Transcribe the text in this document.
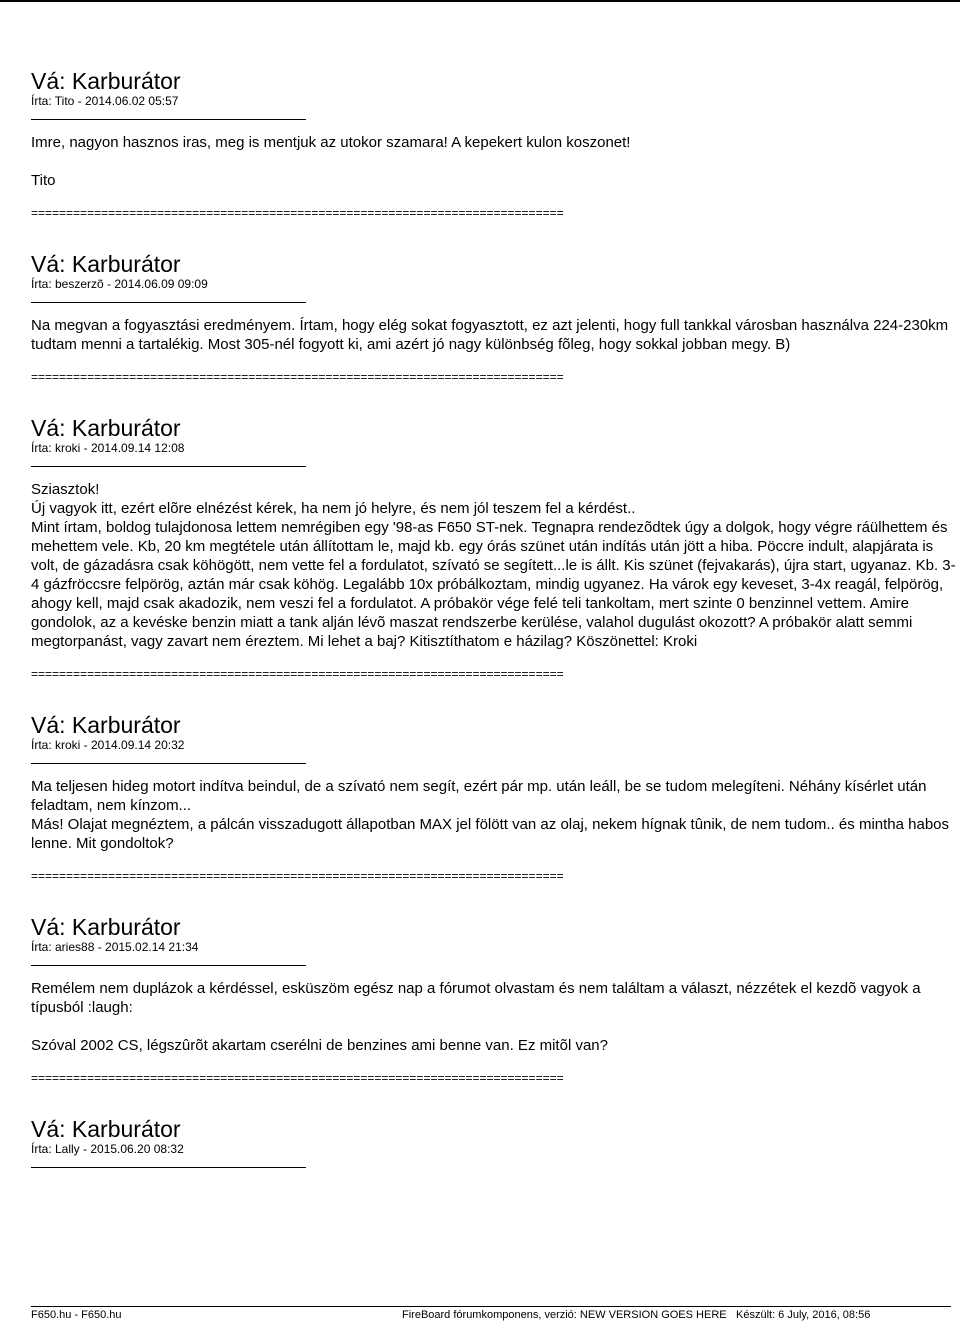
Vá: Karburátor
Írta: Tito - 2014.06.02 05:57

Imre, nagyon hasznos iras, meg is mentjuk az utokor szamara! A kepekert kulon koszonet!

Tito

============================================================================
Vá: Karburátor
Írta: beszerzõ - 2014.06.09 09:09

Na megvan a fogyasztási eredményem. Írtam, hogy elég sokat fogyasztott, ez azt jelenti, hogy full tankkal városban használva 224-230km tudtam menni a tartalékig. Most 305-nél fogyott ki, ami azért jó nagy különbség fõleg, hogy sokkal jobban megy. B)

============================================================================
Vá: Karburátor
Írta: kroki - 2014.09.14 12:08

Sziasztok!
Új vagyok itt, ezért elõre elnézést kérek, ha nem jó helyre, és nem jól teszem fel a kérdést..
Mint írtam, boldog tulajdonosa lettem nemrégiben egy '98-as F650 ST-nek. Tegnapra rendezõdtek úgy a dolgok, hogy végre ráülhettem és mehettem vele. Kb, 20 km megtétele után állítottam le, majd kb. egy órás szünet után indítás után jött a hiba. Pöccre indult, alapjárata is volt, de gázadásra csak köhögött, nem vette fel a fordulatot, szívató se segített...le is állt. Kis szünet (fejvakarás), újra start, ugyanaz. Kb. 3-4 gázfröccsre felpörög, aztán már csak köhög. Legalább 10x próbálkoztam, mindig ugyanez. Ha várok egy keveset, 3-4x reagál, felpörög, ahogy kell, majd csak akadozik, nem veszi fel a fordulatot. A próbakör vége felé teli tankoltam, mert szinte 0 benzinnel vettem. Amire gondolok, az a kevéske benzin miatt a tank alján lévõ maszat rendszerbe kerülése, valahol dugulást okozott? A próbakör alatt semmi megtorpanást, vagy zavart nem éreztem. Mi lehet a baj? Kitisztíthatom e házilag? Köszönettel: Kroki

============================================================================
Vá: Karburátor
Írta: kroki - 2014.09.14 20:32

Ma teljesen hideg motort indítva beindul, de a szívató nem segít, ezért pár mp. után leáll, be se tudom melegíteni. Néhány kísérlet után feladtam, nem kínzom...
Más! Olajat megnéztem, a pálcán visszadugott állapotban MAX jel fölött van az olaj, nekem hígnak tûnik, de nem tudom.. és mintha habos lenne. Mit gondoltok?

============================================================================
Vá: Karburátor
Írta: aries88 - 2015.02.14 21:34

Remélem nem duplázok a kérdéssel, esküszöm egész nap a fórumot olvastam és nem találtam a választ, nézzétek el kezdõ vagyok a típusból :laugh:

Szóval 2002 CS, légszûrõt akartam cserélni de benzines ami benne van. Ez mitõl van?

============================================================================
Vá: Karburátor
Írta: Lally - 2015.06.20 08:32
F650.hu - F650.hu	FireBoard fórumkomponens, verzió: NEW VERSION GOES HERE Készült: 6 July, 2016, 08:56
